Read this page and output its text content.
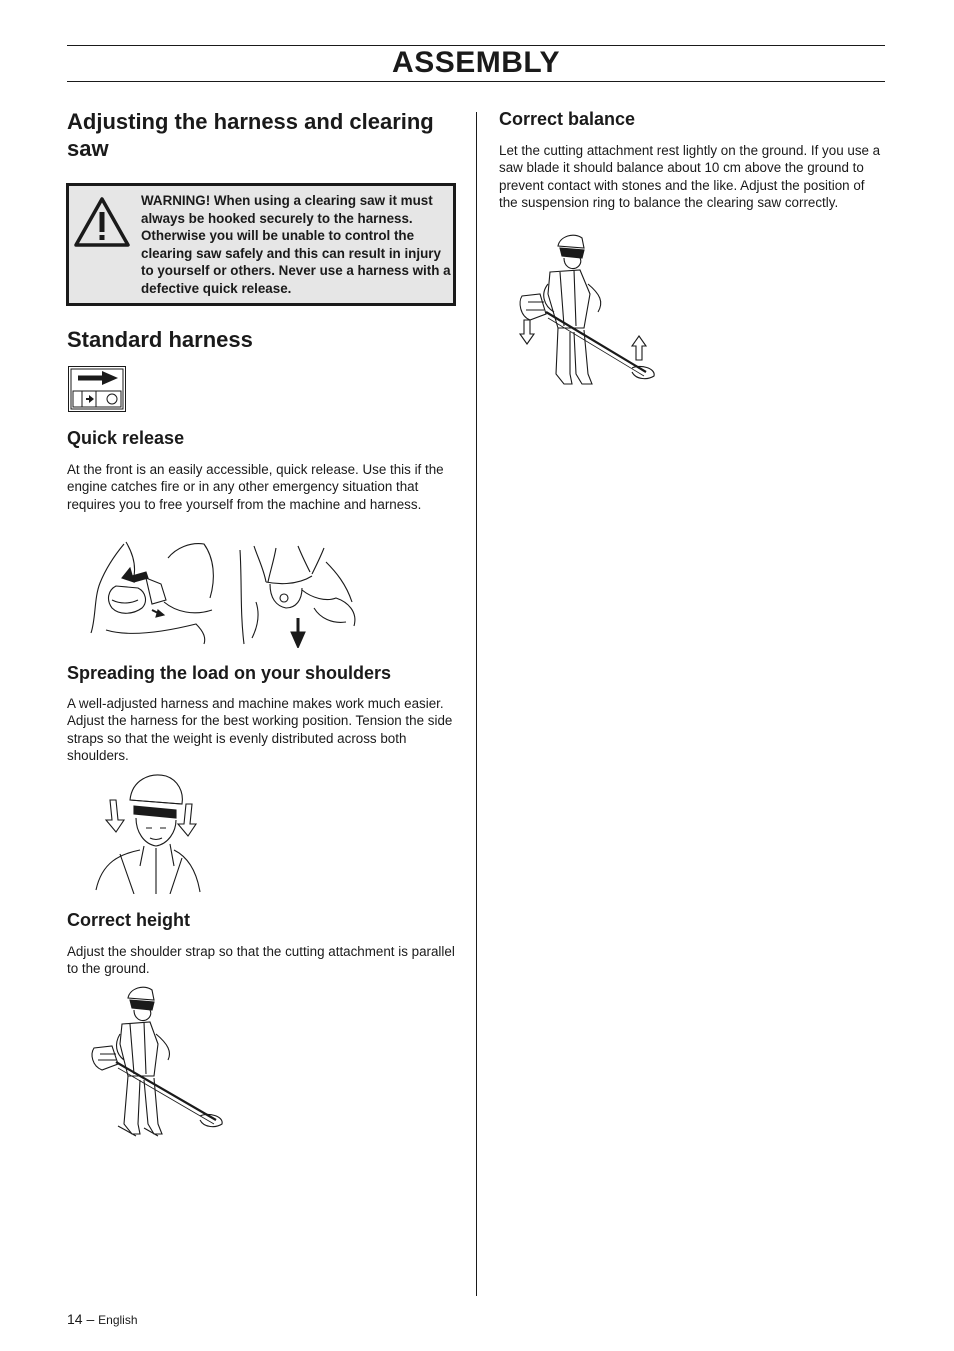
ASSEMBLY
Adjusting the harness and clearing saw

WARNING! When using a clearing saw it must always be hooked securely to the harness. Otherwise you will be unable to control the clearing saw safely and this can result in injury to yourself or others. Never use a harness with a defective quick release.

Standard harness
Quick release

At the front is an easily accessible, quick release. Use this if the engine catches fire or in any other emergency situation that requires you to free yourself from the machine and harness.

Spreading the load on your shoulders

A well-adjusted harness and machine makes work much easier. Adjust the harness for the best working position. Tension the side straps so that the weight is evenly distributed across both shoulders.

Correct height

Adjust the shoulder strap so that the cutting attachment is parallel to the ground.

Correct balance

Let the cutting attachment rest lightly on the ground. If you use a saw blade it should balance about 10 cm above the ground to prevent contact with stones and the like. Adjust the position of the suspension ring to balance the clearing saw correctly.

14 – English
